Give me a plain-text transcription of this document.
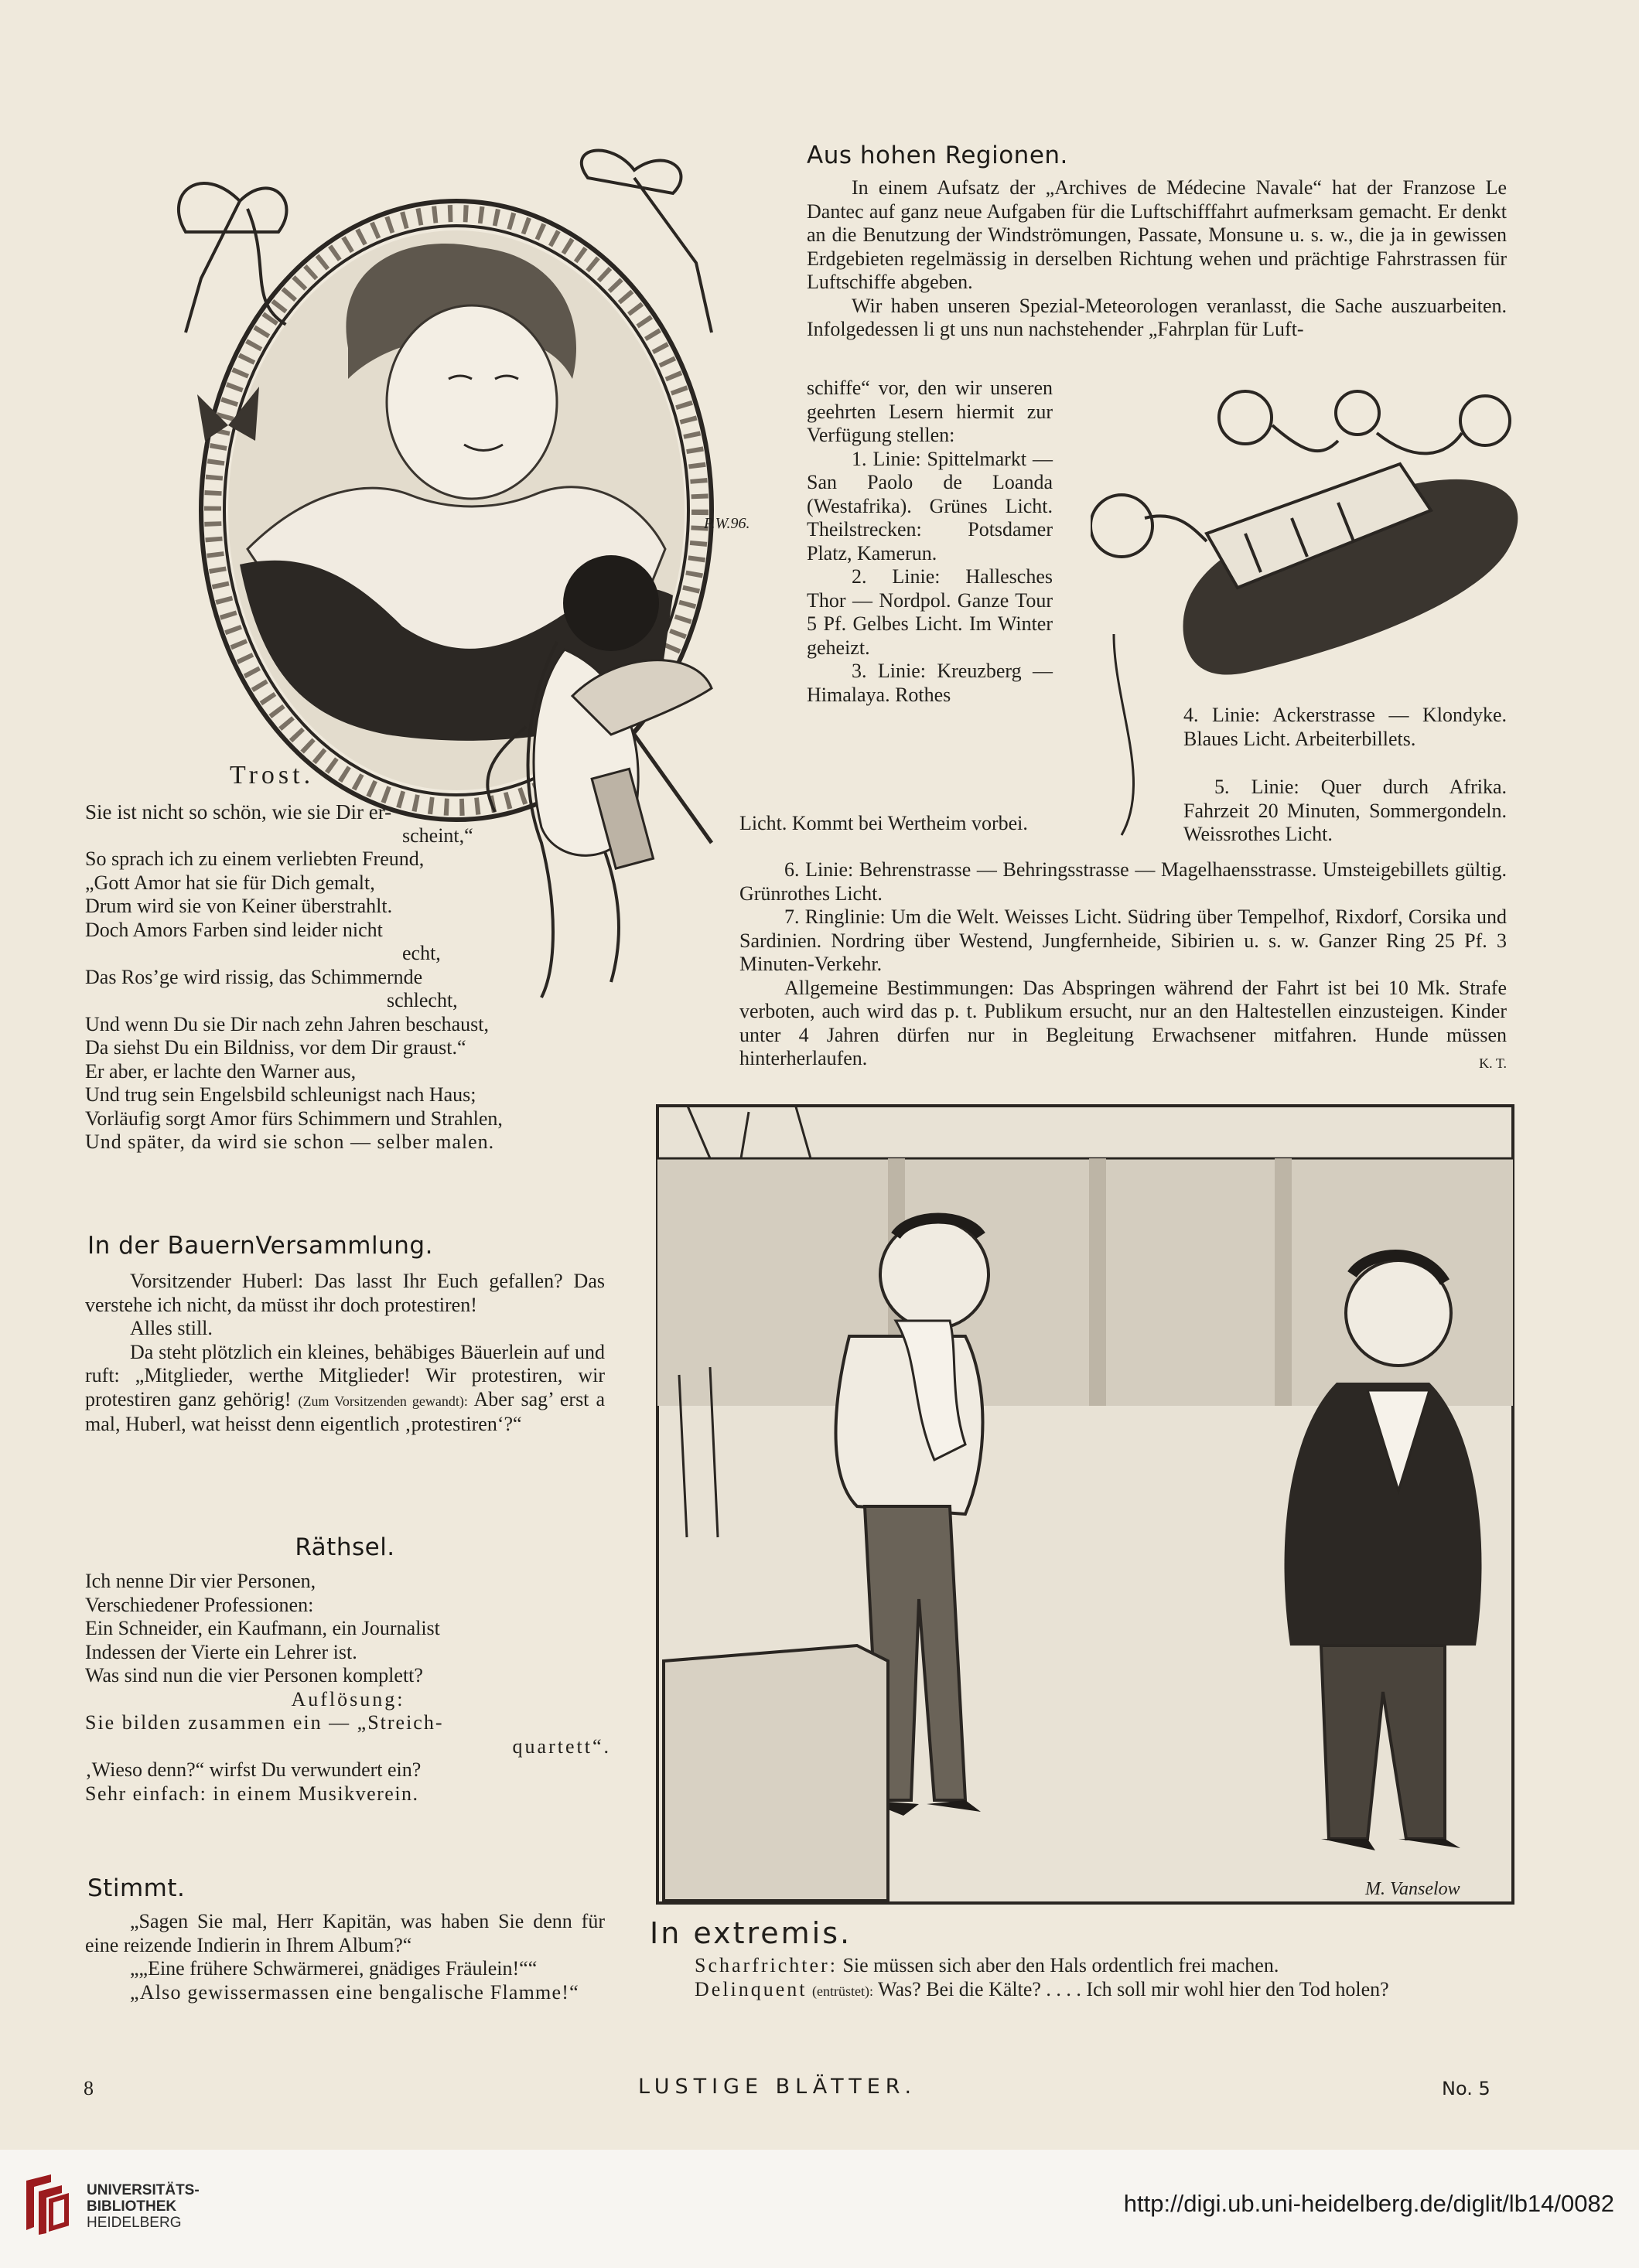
P.W.96.
Trost.

Sie ist nicht so schön, wie sie Dir er-

scheint,“

So sprach ich zu einem verliebten Freund,

„Gott Amor hat sie für Dich gemalt,

Drum wird sie von Keiner überstrahlt.

Doch Amors Farben sind leider nicht

echt,

Das Ros’ge wird rissig, das Schimmernde

schlecht,

Und wenn Du sie Dir nach zehn Jahren beschaust,

Da siehst Du ein Bildniss, vor dem Dir graust.“

Er aber, er lachte den Warner aus,

Und trug sein Engelsbild schleunigst nach Haus;

Vorläufig sorgt Amor fürs Schimmern und Strahlen,

Und später, da wird sie schon — selber malen.

In der BauernVersammlung.

Vorsitzender Huberl: Das lasst Ihr Euch gefallen? Das verstehe ich nicht, da müsst ihr doch protestiren!

Alles still.

Da steht plötzlich ein kleines, behäbiges Bäuerlein auf und ruft: „Mitglieder, werthe Mitglieder! Wir protestiren, wir protestiren ganz gehörig! (Zum Vorsitzenden gewandt): Aber sag’ erst a mal, Huberl, wat heisst denn eigentlich ‚protestiren‘?“

Räthsel.

Ich nenne Dir vier Personen,

Verschiedener Professionen:

Ein Schneider, ein Kaufmann, ein Journalist

Indessen der Vierte ein Lehrer ist.

Was sind nun die vier Personen komplett?

Auflösung:

Sie bilden zusammen ein — „Streich-

quartett“.

‚Wieso denn?“ wirfst Du verwundert ein?

Sehr einfach: in einem Musikverein.

Stimmt.

„Sagen Sie mal, Herr Kapitän, was haben Sie denn für eine reizende Indierin in Ihrem Album?“

„„Eine frühere Schwärmerei, gnädiges Fräulein!““

„Also gewissermassen eine bengalische Flamme!“

Aus hohen Regionen.

In einem Aufsatz der „Archives de Médecine Navale“ hat der Franzose Le Dantec auf ganz neue Aufgaben für die Luftschifffahrt aufmerksam gemacht. Er denkt an die Benutzung der Windströmungen, Passate, Monsune u. s. w., die ja in gewissen Erdgebieten regelmässig in derselben Richtung wehen und prächtige Fahrstrassen für Luftschiffe abgeben.

Wir haben unseren Spezial-Meteorologen veranlasst, die Sache auszuarbeiten. Infolgedessen li gt uns nun nachstehender „Fahrplan für Luft-

schiffe“ vor, den wir unseren geehrten Lesern hiermit zur Verfügung stellen:

1. Linie: Spittelmarkt — San Paolo de Loanda (Westafrika). Grünes Licht. Theilstrecken: Potsdamer Platz, Kamerun.

2. Linie: Hallesches Thor — Nordpol. Ganze Tour 5 Pf. Gelbes Licht. Im Winter geheizt.

3. Linie: Kreuzberg — Himalaya. Rothes

Licht. Kommt bei Wertheim vorbei.
4. Linie: Ackerstrasse — Klondyke. Blaues Licht. Arbeiterbillets.
5. Linie: Quer durch Afrika. Fahrzeit 20 Minuten, Sommergondeln. Weissrothes Licht.

6. Linie: Behrenstrasse — Behringsstrasse — Magelhaensstrasse. Umsteigebillets gültig. Grünrothes Licht.

7. Ringlinie: Um die Welt. Weisses Licht. Südring über Tempelhof, Rixdorf, Corsika und Sardinien. Nordring über Westend, Jungfernheide, Sibirien u. s. w. Ganzer Ring 25 Pf. 3 Minuten-Verkehr.

Allgemeine Bestimmungen: Das Abspringen während der Fahrt ist bei 10 Mk. Strafe verboten, auch wird das p. t. Publikum ersucht, nur an den Haltestellen einzusteigen. Kinder unter 4 Jahren dürfen nur in Begleitung Erwachsener mitfahren. Hunde müssen hinterherlaufen.	K. T.

M. Vanselow
In extremis.

Scharfrichter: Sie müssen sich aber den Hals ordentlich frei machen.

Delinquent (entrüstet): Was? Bei die Kälte? . . . . Ich soll mir wohl hier den Tod holen?

8	LUSTIGE BLÄTTER.	No. 5
UNIVERSITÄTS-
BIBLIOTHEK
HEIDELBERG
http://digi.ub.uni-heidelberg.de/diglit/lb14/0082
